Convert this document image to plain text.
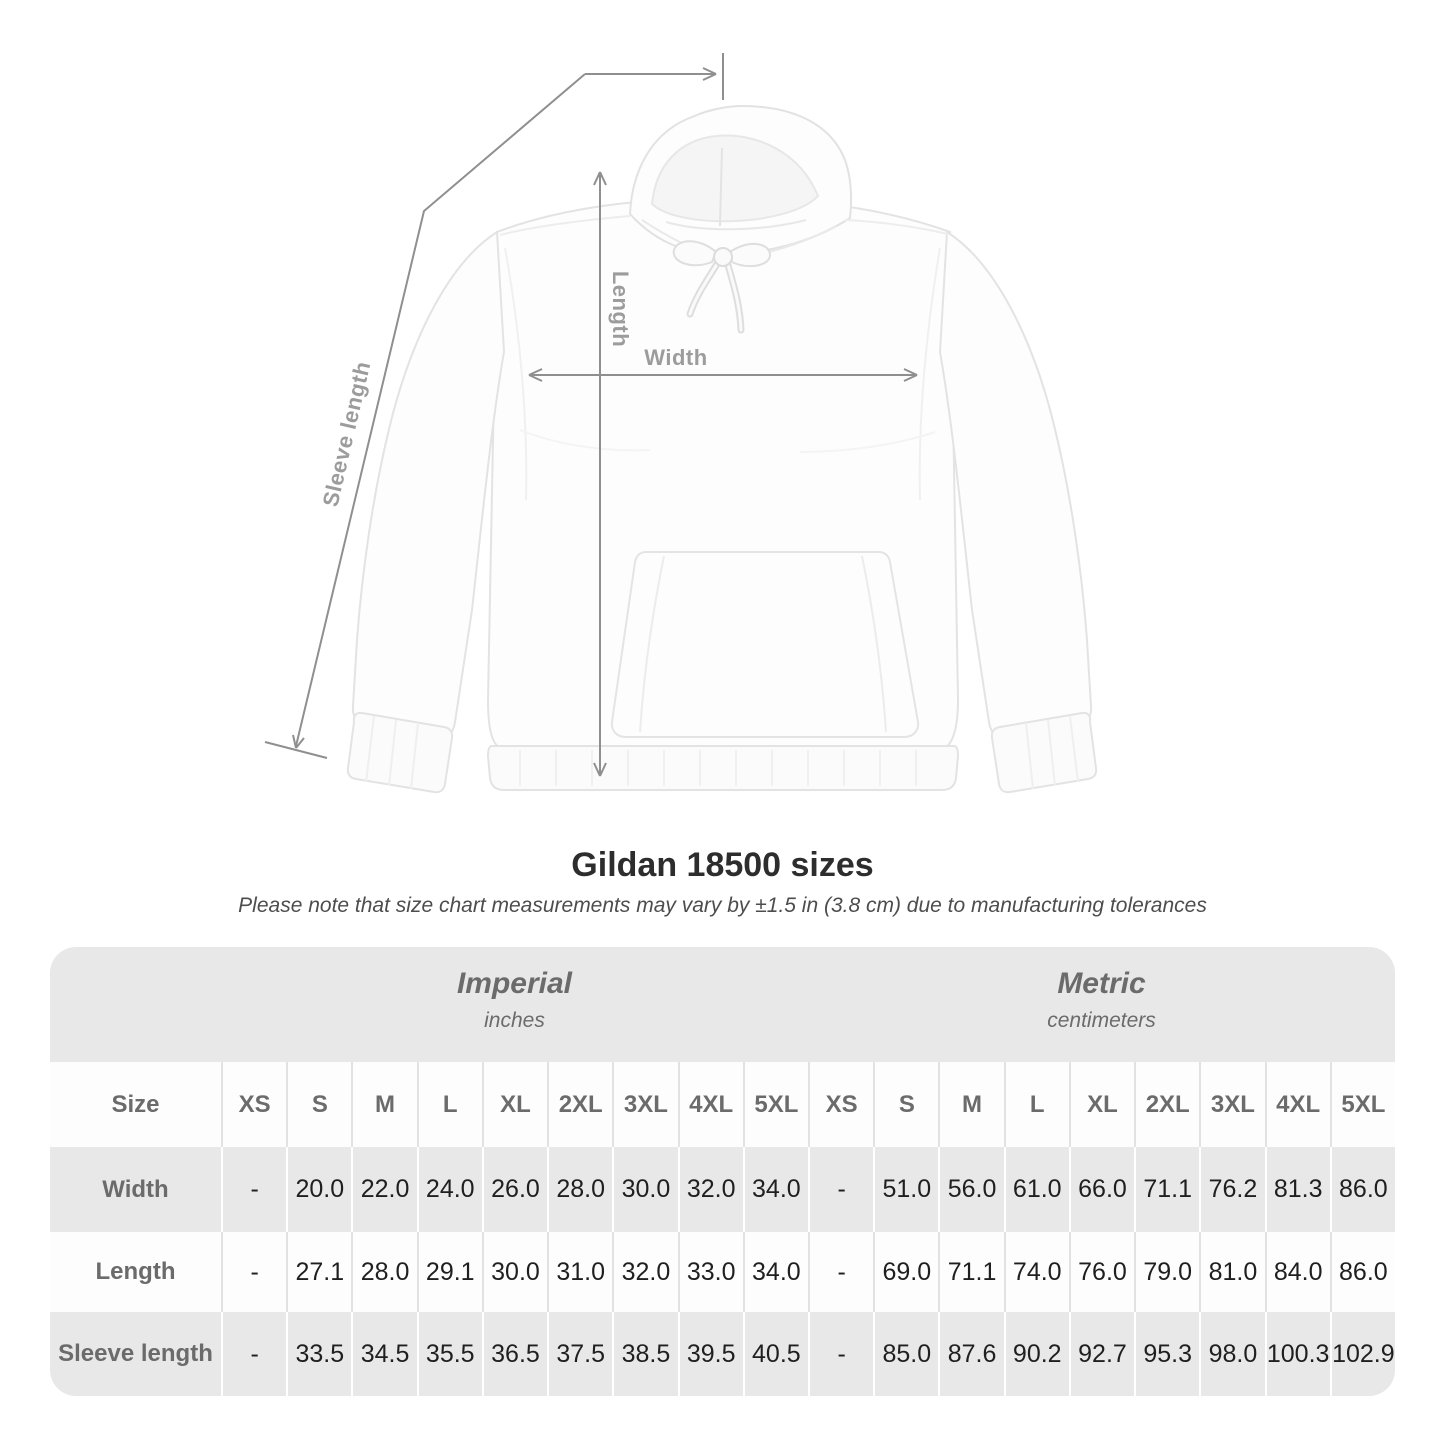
Sleeve length
Length
Width
Gildan 18500 sizes

Please note that size chart measurements may vary by ±1.5 in (3.8 cm) due to manufacturing tolerances

Imperial
inches
Metric
centimeters
Size	XS	S	M	L	XL	2XL 3XL 4XL 5XL	XS	S	M	L	XL	2XL 3XL 4XL 5XL
Width	-	20.0 22.0 24.0 26.0 28.0 30.0 32.0 34.0	-	51.0 56.0 61.0 66.0 71.1 76.2 81.3 86.0
Length	-	27.1 28.0 29.1 30.0 31.0 32.0 33.0 34.0	-	69.0 71.1 74.0 76.0 79.0 81.0 84.0 86.0
Sleeve length	-	33.5 34.5 35.5 36.5 37.5 38.5 39.5 40.5	-	85.0 87.6 90.2 92.7 95.3 98.0 100.3 102.9
